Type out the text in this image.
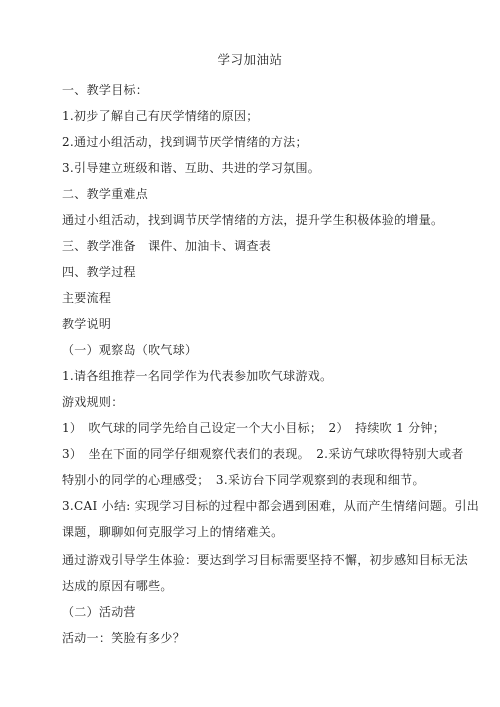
学习加油站
一、教学目标：
1.初步了解自己有厌学情绪的原因；
2.通过小组活动，找到调节厌学情绪的方法；
3.引导建立班级和谐、互助、共进的学习氛围。
二、教学重难点
通过小组活动，找到调节厌学情绪的方法，提升学生积极体验的增量。
三、教学准备　课件、加油卡、调查表
四、教学过程
主要流程
教学说明
（一）观察岛（吹气球）
1.请各组推荐一名同学作为代表参加吹气球游戏。
游戏规则：
1）　吹气球的同学先给自己设定一个大小目标；　2）　持续吹 1 分钟；
3）　坐在下面的同学仔细观察代表们的表现。　2.采访气球吹得特别大或者
特别小的同学的心理感受；　3.采访台下同学观察到的表现和细节。
3.CAI 小结: 实现学习目标的过程中都会遇到困难，从而产生情绪问题。引出
课题，聊聊如何克服学习上的情绪难关。
通过游戏引导学生体验：要达到学习目标需要坚持不懈，初步感知目标无法
达成的原因有哪些。
（二）活动营
活动一：笑脸有多少？
